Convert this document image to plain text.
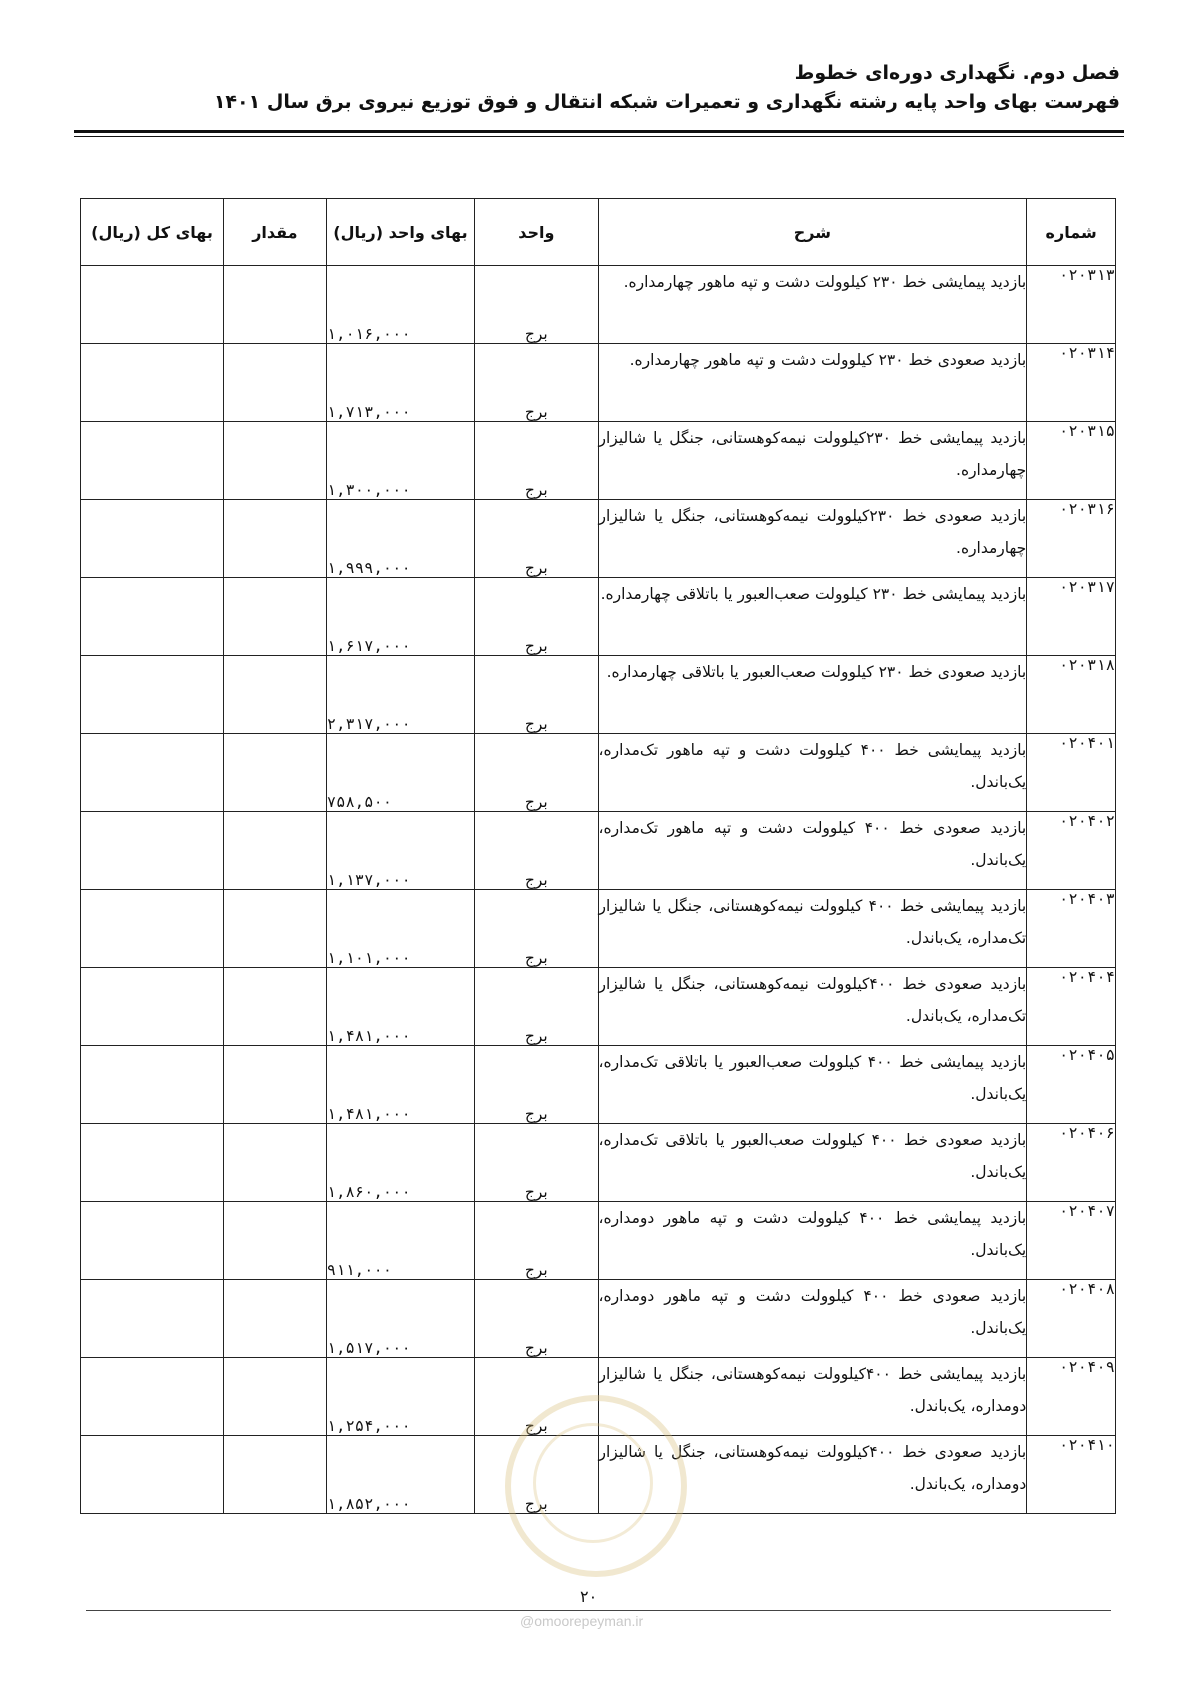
فصل دوم. نگهداری دوره‌ای خطوط
فهرست بهای واحد پایه رشته نگهداری و تعمیرات شبکه انتقال و فوق توزیع نیروی برق سال ۱۴۰۱
شماره	شرح	واحد	بهای واحد (ریال)	مقدار	بهای کل (ریال)
۰۲۰۳۱۳	بازدید پیمایشی خط ۲۳۰ کیلوولت دشت و تپه ماهور چهارمداره.	برج	۱,۰۱۶,۰۰۰		
۰۲۰۳۱۴	بازدید صعودی خط ۲۳۰ کیلوولت دشت و تپه ماهور چهارمداره.	برج	۱,۷۱۳,۰۰۰		
۰۲۰۳۱۵	بازدید پیمایشی خط ۲۳۰کیلوولت نیمه‌کوهستانی، جنگل یا شالیزار چهارمداره.	برج	۱,۳۰۰,۰۰۰		
۰۲۰۳۱۶	بازدید صعودی خط ۲۳۰کیلوولت نیمه‌کوهستانی، جنگل یا شالیزار چهارمداره.	برج	۱,۹۹۹,۰۰۰		
۰۲۰۳۱۷	بازدید پیمایشی خط ۲۳۰ کیلوولت صعب‌العبور یا باتلاقی چهارمداره.	برج	۱,۶۱۷,۰۰۰		
۰۲۰۳۱۸	بازدید صعودی خط ۲۳۰ کیلوولت صعب‌العبور یا باتلاقی چهارمداره.	برج	۲,۳۱۷,۰۰۰		
۰۲۰۴۰۱	بازدید پیمایشی خط ۴۰۰ کیلوولت دشت و تپه ماهور تک‌مداره، یک‌باندل.	برج	۷۵۸,۵۰۰		
۰۲۰۴۰۲	بازدید صعودی خط ۴۰۰ کیلوولت دشت و تپه ماهور تک‌مداره، یک‌باندل.	برج	۱,۱۳۷,۰۰۰		
۰۲۰۴۰۳	بازدید پیمایشی خط ۴۰۰ کیلوولت نیمه‌کوهستانی، جنگل یا شالیزار تک‌مداره، یک‌باندل.	برج	۱,۱۰۱,۰۰۰		
۰۲۰۴۰۴	بازدید صعودی خط ۴۰۰کیلوولت نیمه‌کوهستانی، جنگل یا شالیزار تک‌مداره، یک‌باندل.	برج	۱,۴۸۱,۰۰۰		
۰۲۰۴۰۵	بازدید پیمایشی خط ۴۰۰ کیلوولت صعب‌العبور یا باتلاقی تک‌مداره، یک‌باندل.	برج	۱,۴۸۱,۰۰۰		
۰۲۰۴۰۶	بازدید صعودی خط ۴۰۰ کیلوولت صعب‌العبور یا باتلاقی تک‌مداره، یک‌باندل.	برج	۱,۸۶۰,۰۰۰		
۰۲۰۴۰۷	بازدید پیمایشی خط ۴۰۰ کیلوولت دشت و تپه ماهور دومداره، یک‌باندل.	برج	۹۱۱,۰۰۰		
۰۲۰۴۰۸	بازدید صعودی خط ۴۰۰ کیلوولت دشت و تپه ماهور دومداره، یک‌باندل.	برج	۱,۵۱۷,۰۰۰		
۰۲۰۴۰۹	بازدید پیمایشی خط ۴۰۰کیلوولت نیمه‌کوهستانی، جنگل یا شالیزار دومداره، یک‌باندل.	برج	۱,۲۵۴,۰۰۰		
۰۲۰۴۱۰	بازدید صعودی خط ۴۰۰کیلوولت نیمه‌کوهستانی، جنگل یا شالیزار دومداره، یک‌باندل.	برج	۱,۸۵۲,۰۰۰		
۲۰
@omoorepeyman.ir
